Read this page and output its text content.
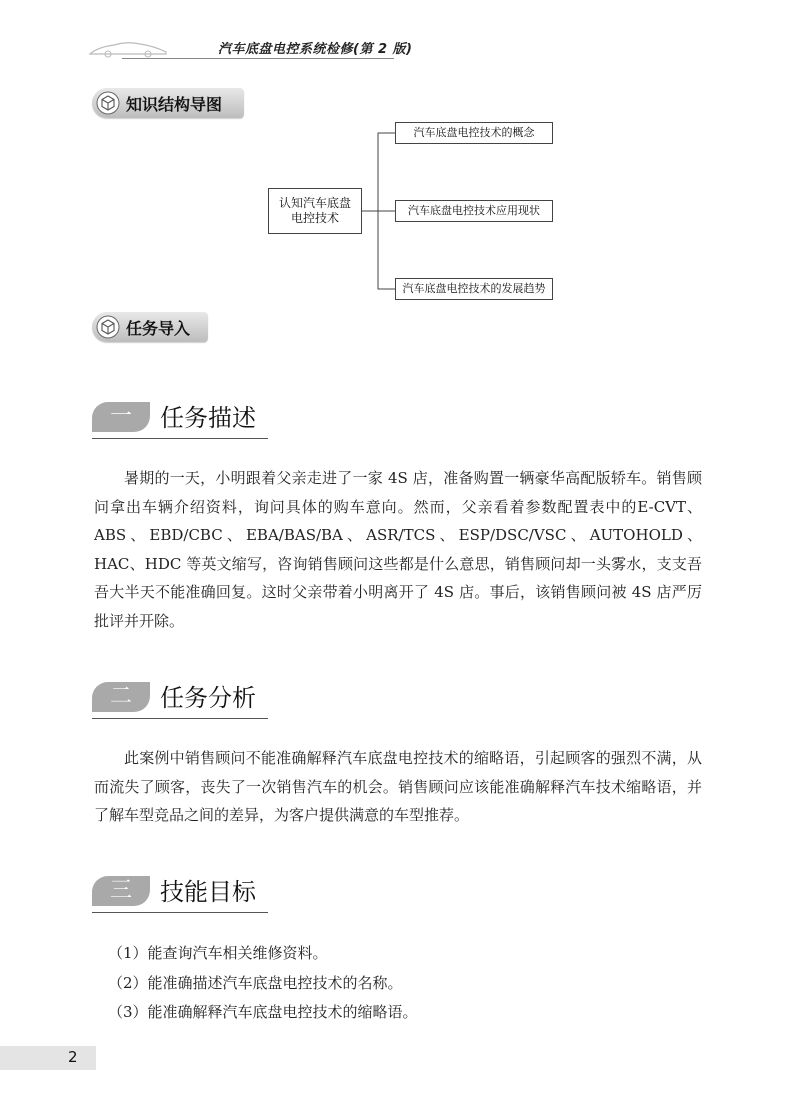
汽车底盘电控系统检修(第 2 版)
知识结构导图
认知汽车底盘
电控技术
汽车底盘电控技术的概念
汽车底盘电控技术应用现状
汽车底盘电控技术的发展趋势
任务导入
一	任务描述
暑期的一天，小明跟着父亲走进了一家 4S 店，准备购置一辆豪华高配版轿车。销售顾问拿出车辆介绍资料，询问具体的购车意向。然而，父亲看着参数配置表中的E-CVT、ABS、EBD/CBC、EBA/BAS/BA、ASR/TCS、ESP/DSC/VSC、AUTOHOLD、HAC、HDC 等英文缩写，咨询销售顾问这些都是什么意思，销售顾问却一头雾水，支支吾吾大半天不能准确回复。这时父亲带着小明离开了 4S 店。事后，该销售顾问被 4S 店严厉批评并开除。
二	任务分析
此案例中销售顾问不能准确解释汽车底盘电控技术的缩略语，引起顾客的强烈不满，从而流失了顾客，丧失了一次销售汽车的机会。销售顾问应该能准确解释汽车技术缩略语，并了解车型竞品之间的差异，为客户提供满意的车型推荐。
三	技能目标
（1）能查询汽车相关维修资料。
（2）能准确描述汽车底盘电控技术的名称。
（3）能准确解释汽车底盘电控技术的缩略语。
2
